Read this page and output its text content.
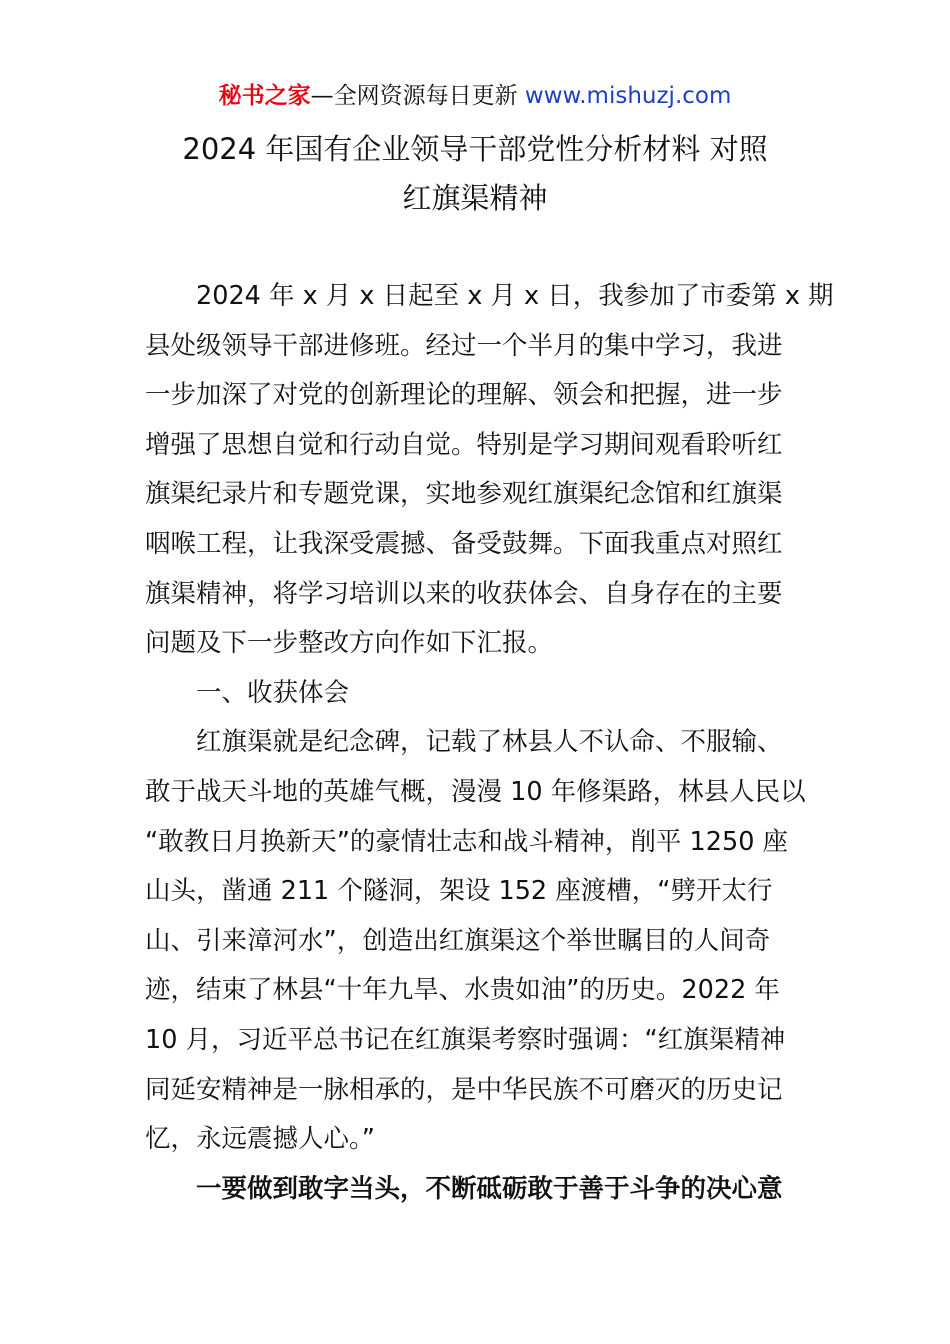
秘书之家—全网资源每日更新 www.mishuzj.com
2024 年国有企业领导干部党性分析材料 对照
红旗渠精神
　　2024 年 x 月 x 日起至 x 月 x 日，我参加了市委第 x 期
县处级领导干部进修班。经过一个半月的集中学习，我进
一步加深了对党的创新理论的理解、领会和把握，进一步
增强了思想自觉和行动自觉。特别是学习期间观看聆听红
旗渠纪录片和专题党课，实地参观红旗渠纪念馆和红旗渠
咽喉工程，让我深受震撼、备受鼓舞。下面我重点对照红
旗渠精神，将学习培训以来的收获体会、自身存在的主要
问题及下一步整改方向作如下汇报。
　　一、收获体会
　　红旗渠就是纪念碑，记载了林县人不认命、不服输、
敢于战天斗地的英雄气概，漫漫 10 年修渠路，林县人民以
“敢教日月换新天”的豪情壮志和战斗精神，削平 1250 座
山头，凿通 211 个隧洞，架设 152 座渡槽，“劈开太行
山、引来漳河水”，创造出红旗渠这个举世瞩目的人间奇
迹，结束了林县“十年九旱、水贵如油”的历史。2022 年
10 月，习近平总书记在红旗渠考察时强调：“红旗渠精神
同延安精神是一脉相承的，是中华民族不可磨灭的历史记
忆，永远震撼人心。”
　　一要做到敢字当头，不断砥砺敢于善于斗争的决心意
